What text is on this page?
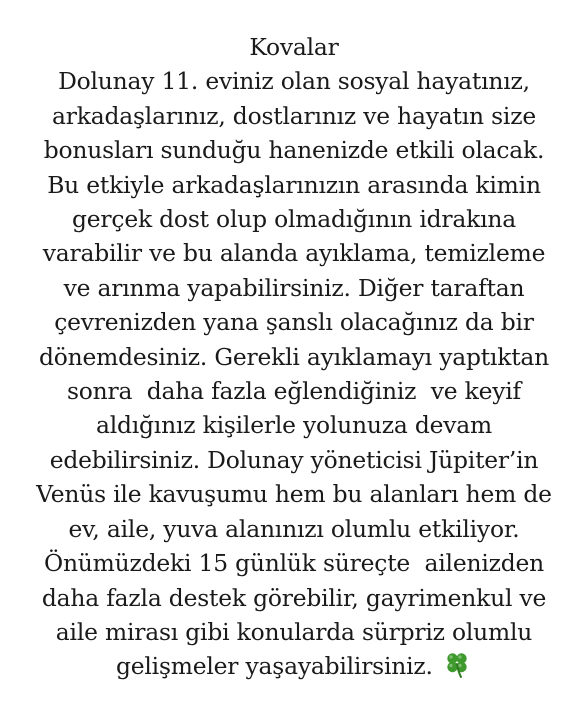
Kovalar
Dolunay 11. eviniz olan sosyal hayatınız,
arkadaşlarınız, dostlarınız ve hayatın size
bonusları sunduğu hanenizde etkili olacak.
Bu etkiyle arkadaşlarınızın arasında kimin
gerçek dost olup olmadığının idrakına
varabilir ve bu alanda ayıklama, temizleme
ve arınma yapabilirsiniz. Diğer taraftan
çevrenizden yana şanslı olacağınız da bir
dönemdesiniz. Gerekli ayıklamayı yaptıktan
sonra  daha fazla eğlendiğiniz  ve keyif
aldığınız kişilerle yolunuza devam
edebilirsiniz. Dolunay yöneticisi Jüpiter’in
Venüs ile kavuşumu hem bu alanları hem de
ev, aile, yuva alanınızı olumlu etkiliyor.
Önümüzdeki 15 günlük süreçte  ailenizden
daha fazla destek görebilir, gayrimenkul ve
aile mirası gibi konularda sürpriz olumlu
gelişmeler yaşayabilirsiniz.
